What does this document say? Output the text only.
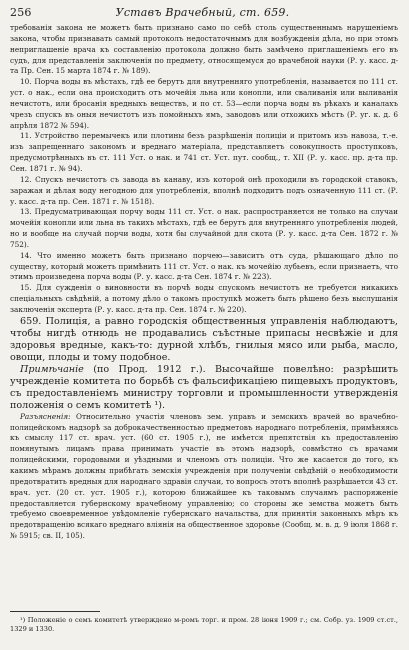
256	Уставъ Врачебный, ст. 659.

требованія закона не можетъ быть признано само по себѣ столь существеннымъ нарушеніемъ закона, чтобы признавать самый протоколъ недостаточнымъ для возбужденія дѣла, но при этомъ неприглашеніе врача къ составленію протокола должно быть замѣчено приглашеніемъ его въ судъ, для представленія заключенія по предмету, относящемуся до врачебной науки (Р. у. касс. д-та Пр. Сен. 15 марта 1874 г. № 189).

10. Порча воды въ мѣстахъ, гдѣ ее берутъ для внутренняго употребленія, называется по 111 ст. уст. о нак., если она происходитъ отъ мочейія льна или конопли, или сваливанія или выливанія нечистотъ, или бросанія вредныхъ веществъ, и по ст. 53—если порча воды въ рѣкахъ и каналахъ чрезъ спускъ въ оныя нечистотъ изъ помойныхъ ямъ, заводовъ или отхожихъ мѣстъ (Р. уг. к. д. 6 апрѣля 1872 № 594).

11. Устройство перемычекъ или плотины безъ разрѣшенія полиціи и притомъ изъ навоза, т.-е. изъ запрещеннаго закономъ и вреднаго матеріала, представляетъ совокупность проступковъ, предусмотрѣнныхъ въ ст. 111 Уст. о нак. и 741 ст. Уст. пут. сообщ., т. XII (Р. у. касс. пр. д-та пр. Сен. 1871 г. № 94).

12. Спускъ нечистотъ съ завода въ канаву, изъ которой онѣ проходили въ городской ставокъ, заражая и дѣлая воду негодною для употребленія, вполнѣ подходитъ подъ означенную 111 ст. (Р. у. касс. д-та пр. Сен. 1871 г. № 1518).

13. Предусматривающая порчу воды 111 ст. Уст. о нак. распространяется не только на случаи мочейія конопли или льна въ такихъ мѣстахъ, гдѣ ее берутъ для внутренняго употребленія людей, но и вообще на случай порчи воды, хотя бы случайной для скота (Р. у. касс. д-та Сен. 1872 г. № 752).

14. Что именно можетъ быть признано порчею—зависитъ отъ суда, рѣшающаго дѣло по существу, который можетъ примѣнить 111 ст. Уст. о нак. къ мочейію лубьевъ, если признаетъ, что этимъ произведена порча воды (Р. у. касс. д-та Сен. 1874 г. № 223).

15. Для сужденія о виновности въ порчѣ воды спускомъ нечистотъ не требуется никакихъ спеціальныхъ свѣдѣній, а потому дѣло о такомъ проступкѣ можетъ быть рѣшено безъ выслушанія заключенія эксперта (Р. у. касс. д-та пр. Сен. 1874 г. № 220).

659. Полиція, а равно городскія общественныя управленія наблюдаютъ, чтобы нигдѣ отнюдь не продавались съѣстные припасы несвѣжіе и для здоровья вредные, какъ-то: дурной хлѣбъ, гнилыя мясо или рыба, масло, овощи, плоды и тому подобное.

Примѣчаніе (по Прод. 1912 г.). Высочайше повелѣно: разрѣшить учрежденіе комитета по борьбѣ съ фальсификаціею пищевыхъ продуктовъ, съ предоставленіемъ министру торговли и промышленности утвержденія положенія о семъ комитетѣ ¹).

Разъясненія: Относительно участія членовъ зем. управъ и земскихъ врачей во врачебно-полицейскомъ надзорѣ за доброкачественностью предметовъ народнаго потребленія, примѣняясь къ смыслу 117 ст. врач. уст. (60 ст. 1905 г.), не имѣется препятствія къ предоставленію помянутымъ лицамъ права принимать участіе въ этомъ надзорѣ, совмѣстно съ врачами полицейскими, городовыми и уѣздными и членомъ отъ полиціи. Что же касается до того, къ какимъ мѣрамъ должны прибѣгать земскія учрежденія при полученіи свѣдѣній о необходимости предотвратить вредныя для народнаго здравія случаи, то вопросъ этотъ вполнѣ разрѣшается 43 ст. врач. уст. (20 ст. уст. 1905 г.), которою ближайшее къ таковымъ случаямъ распоряженіе предоставляется губернскому врачебному управленію; со стороны же земства можетъ быть требуемо своевременное увѣдомленіе губернскаго начальства, для принятія законныхъ мѣръ къ предотвращенію всякаго вреднаго вліянія на общественное здоровье (Сообщ. м. в. д. 9 іюля 1868 г. № 5915; св. II, 105).

¹) Положеніе о семъ комитетѣ утверждено м-ромъ торг. и пром. 28 іюня 1909 г.; см. Собр. уз. 1909 ст.ст., 1329 и 1330.
